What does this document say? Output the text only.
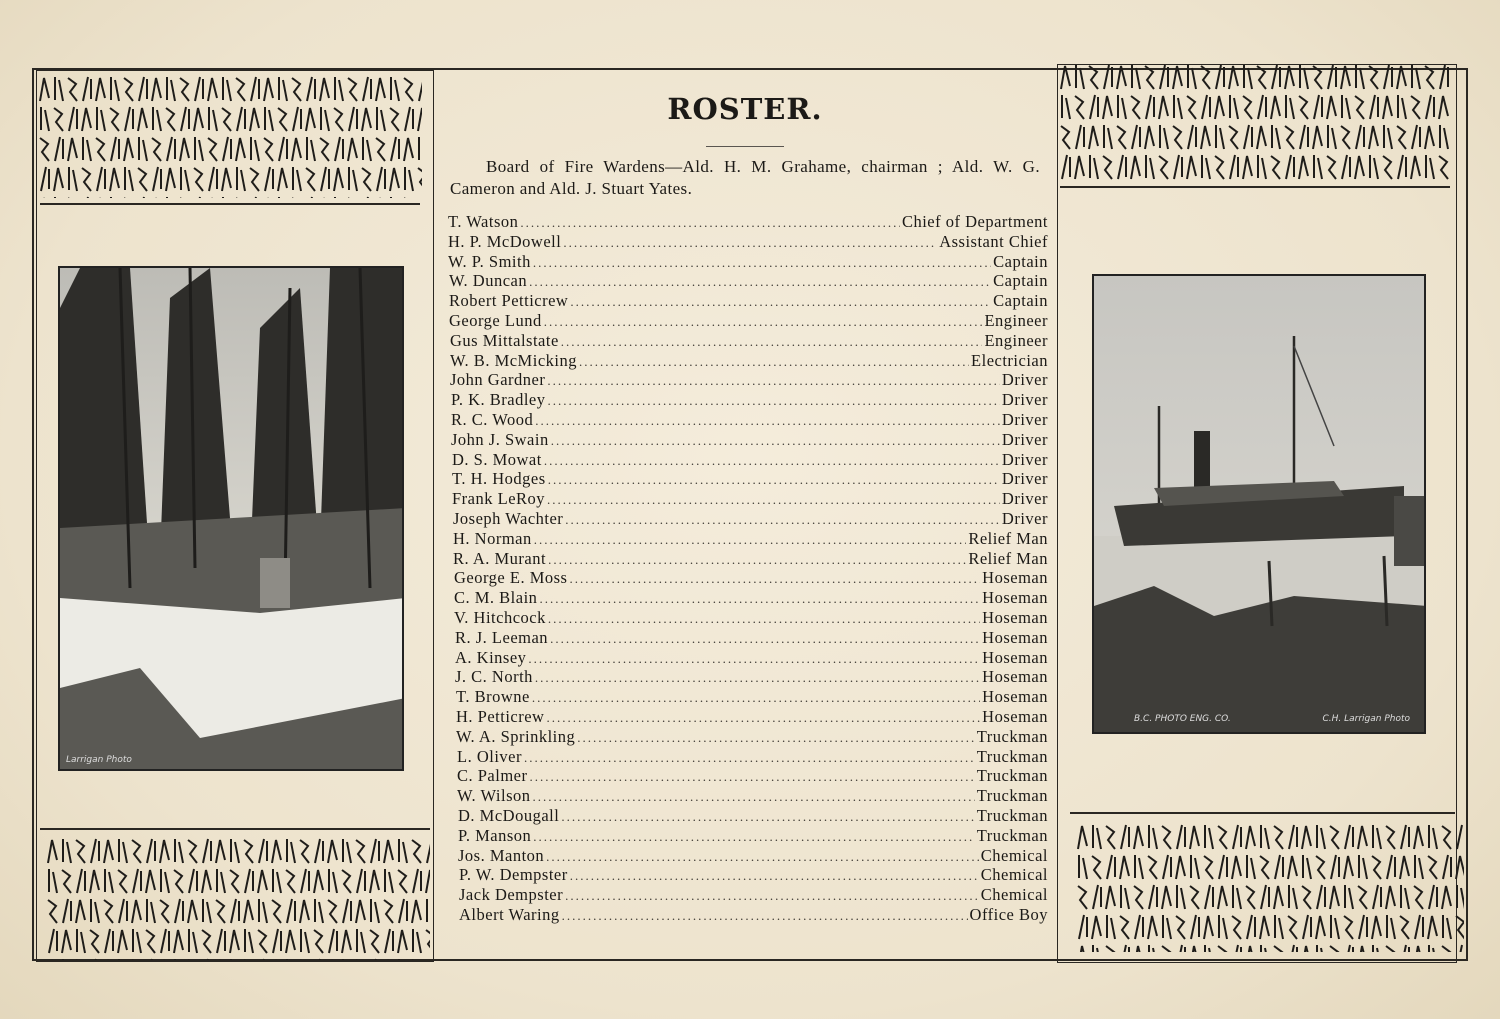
Larrigan Photo
B.C. PHOTO ENG. CO.	C.H. Larrigan Photo
ROSTER.
Board of Fire Wardens—Ald. H. M. Grahame, chairman ; Ald. W. G. Cameron and Ald. J. Stuart Yates.
T. Watson .....	Chief of Department
H. P. McDowell .....	Assistant Chief
W. P. Smith .....	Captain
W. Duncan .....	Captain
Robert Petticrew .....	Captain
George Lund .....	Engineer
Gus Mittalstate .....	Engineer
W. B. McMicking .....	Electrician
John Gardner .....	Driver
P. K. Bradley .....	Driver
R. C. Wood .....	Driver
John J. Swain .....	Driver
D. S. Mowat .....	Driver
T. H. Hodges .....	Driver
Frank LeRoy .....	Driver
Joseph Wachter .....	Driver
H. Norman .....	Relief Man
R. A. Murant .....	Relief Man
George E. Moss .....	Hoseman
C. M. Blain .....	Hoseman
V. Hitchcock .....	Hoseman
R. J. Leeman .....	Hoseman
A. Kinsey .....	Hoseman
J. C. North .....	Hoseman
T. Browne .....	Hoseman
H. Petticrew .....	Hoseman
W. A. Sprinkling .....	Truckman
L. Oliver .....	Truckman
C. Palmer .....	Truckman
W. Wilson .....	Truckman
D. McDougall .....	Truckman
P. Manson .....	Truckman
Jos. Manton .....	Chemical
P. W. Dempster .....	Chemical
Jack Dempster .....	Chemical
Albert Waring .....	Office Boy
